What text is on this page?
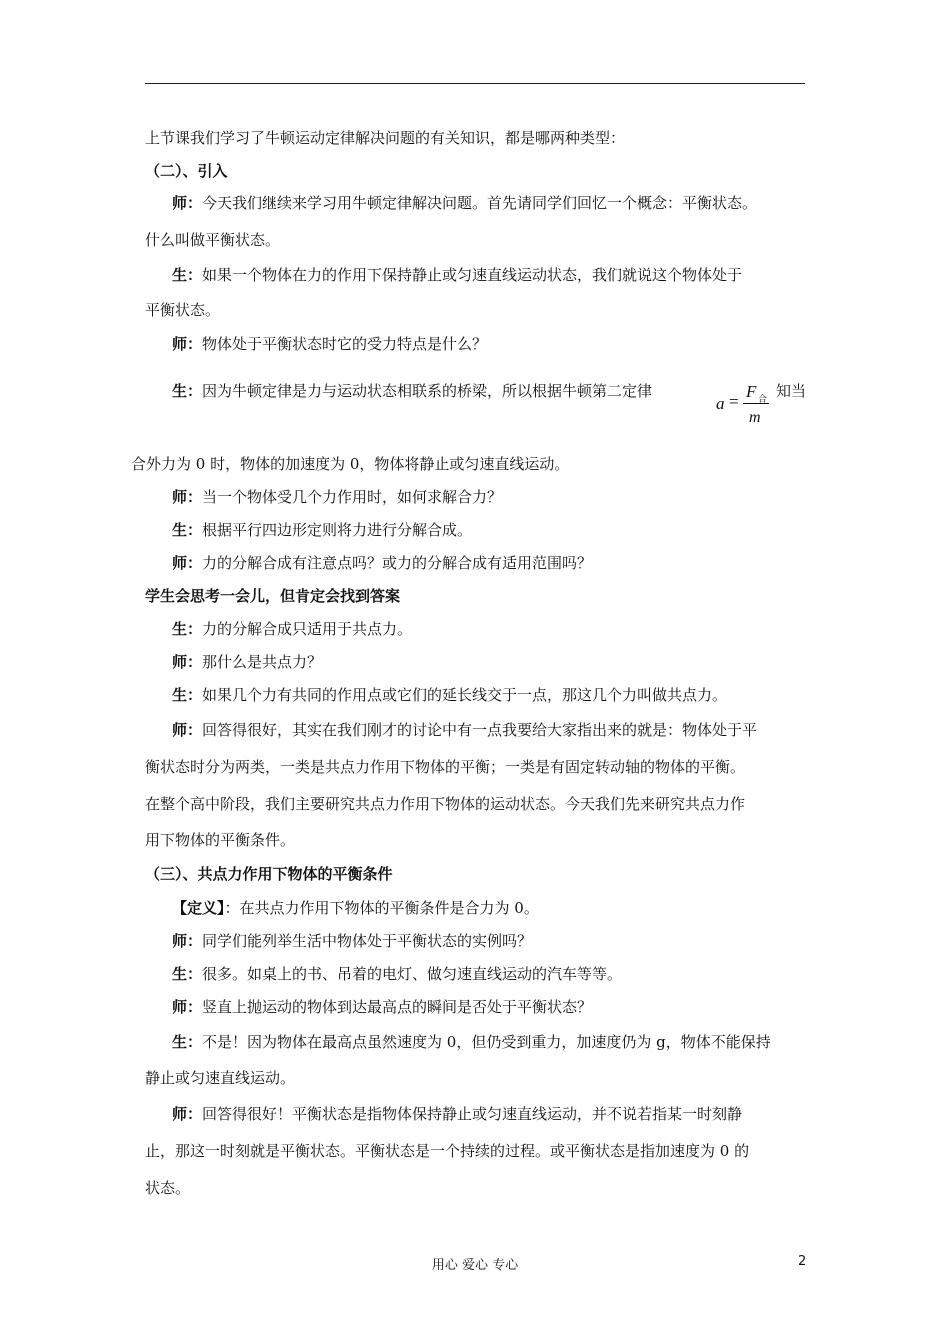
上节课我们学习了牛顿运动定律解决问题的有关知识，都是哪两种类型：
（二）、引入
师：今天我们继续来学习用牛顿定律解决问题。首先请同学们回忆一个概念：平衡状态。
什么叫做平衡状态。
生：如果一个物体在力的作用下保持静止或匀速直线运动状态，我们就说这个物体处于
平衡状态。
师：物体处于平衡状态时它的受力特点是什么？
生：因为牛顿定律是力与运动状态相联系的桥梁，所以根据牛顿第二定律
a =
F 合
m
知当
合外力为 0 时，物体的加速度为 0，物体将静止或匀速直线运动。
师：当一个物体受几个力作用时，如何求解合力？
生：根据平行四边形定则将力进行分解合成。
师：力的分解合成有注意点吗？或力的分解合成有适用范围吗？
学生会思考一会儿，但肯定会找到答案
生：力的分解合成只适用于共点力。
师：那什么是共点力？
生：如果几个力有共同的作用点或它们的延长线交于一点，那这几个力叫做共点力。
师：回答得很好，其实在我们刚才的讨论中有一点我要给大家指出来的就是：物体处于平
衡状态时分为两类，一类是共点力作用下物体的平衡；一类是有固定转动轴的物体的平衡。
在整个高中阶段，我们主要研究共点力作用下物体的运动状态。今天我们先来研究共点力作
用下物体的平衡条件。
（三）、共点力作用下物体的平衡条件
【定义】：在共点力作用下物体的平衡条件是合力为 0。
师：同学们能列举生活中物体处于平衡状态的实例吗？
生：很多。如桌上的书、吊着的电灯、做匀速直线运动的汽车等等。
师：竖直上抛运动的物体到达最高点的瞬间是否处于平衡状态？
生：不是！因为物体在最高点虽然速度为 0，但仍受到重力，加速度仍为 g，物体不能保持
静止或匀速直线运动。
师：回答得很好！平衡状态是指物体保持静止或匀速直线运动，并不说若指某一时刻静
止，那这一时刻就是平衡状态。平衡状态是一个持续的过程。或平衡状态是指加速度为 0 的
状态。
用心 爱心 专心	2
